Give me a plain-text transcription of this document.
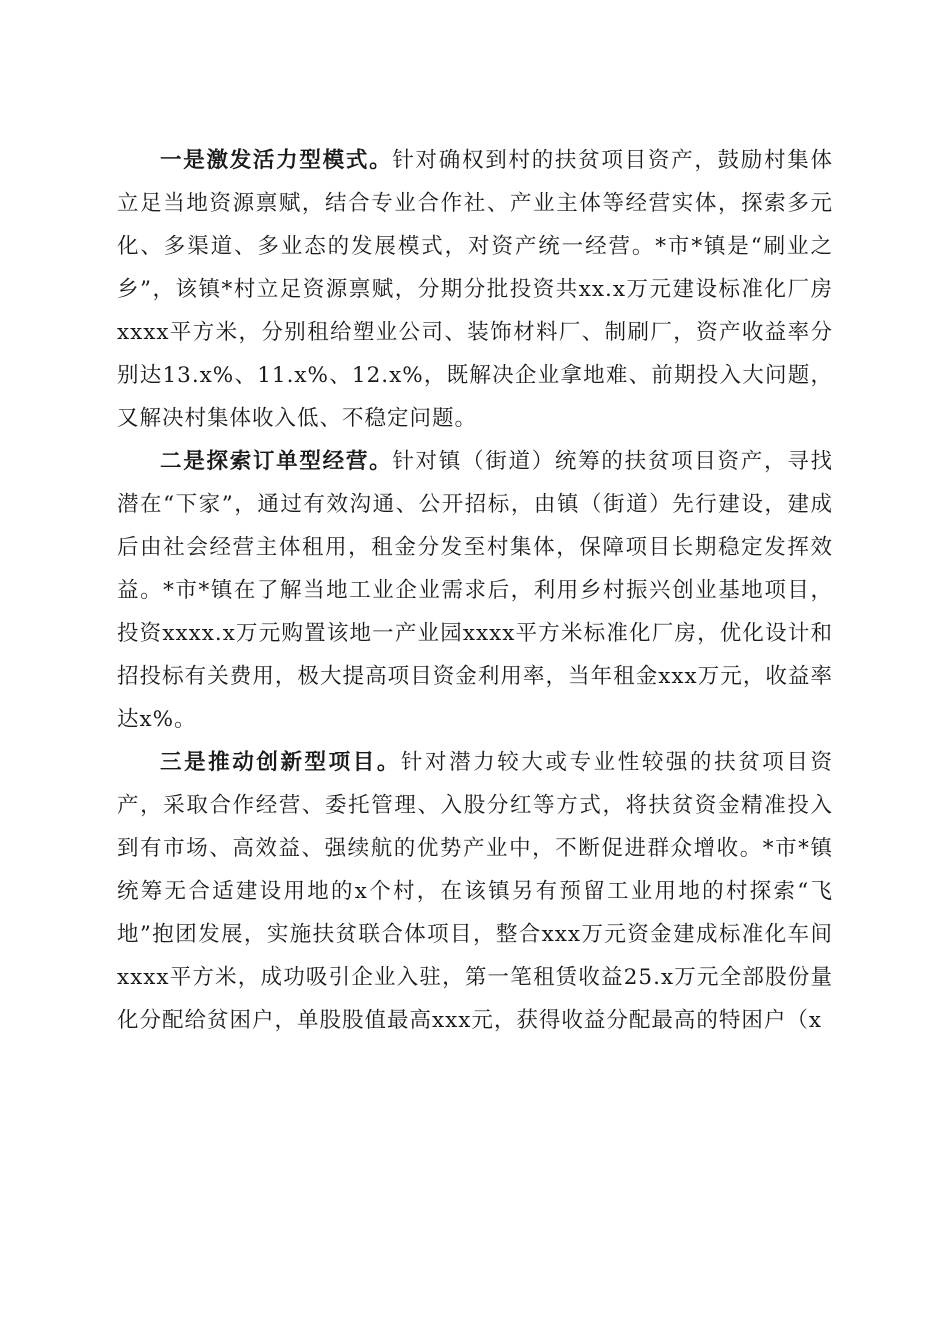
一是激发活力型模式。针对确权到村的扶贫项目资产，鼓励村集体立足当地资源禀赋，结合专业合作社、产业主体等经营实体，探索多元化、多渠道、多业态的发展模式，对资产统一经营。*市*镇是“刷业之乡”，该镇*村立足资源禀赋，分期分批投资共xx.x万元建设标准化厂房xxxx平方米，分别租给塑业公司、装饰材料厂、制刷厂，资产收益率分别达13.x%、11.x%、12.x%，既解决企业拿地难、前期投入大问题，又解决村集体收入低、不稳定问题。

二是探索订单型经营。针对镇（街道）统筹的扶贫项目资产，寻找潜在“下家”，通过有效沟通、公开招标，由镇（街道）先行建设，建成后由社会经营主体租用，租金分发至村集体，保障项目长期稳定发挥效益。*市*镇在了解当地工业企业需求后，利用乡村振兴创业基地项目，投资xxxx.x万元购置该地一产业园xxxx平方米标准化厂房，优化设计和招投标有关费用，极大提高项目资金利用率，当年租金xxx万元，收益率达x%。

三是推动创新型项目。针对潜力较大或专业性较强的扶贫项目资产，采取合作经营、委托管理、入股分红等方式，将扶贫资金精准投入到有市场、高效益、强续航的优势产业中，不断促进群众增收。*市*镇统筹无合适建设用地的x个村，在该镇另有预留工业用地的村探索“飞地”抱团发展，实施扶贫联合体项目，整合xxx万元资金建成标准化车间xxxx平方米，成功吸引企业入驻，第一笔租赁收益25.x万元全部股份量化分配给贫困户，单股股值最高xxx元，获得收益分配最高的特困户（x
